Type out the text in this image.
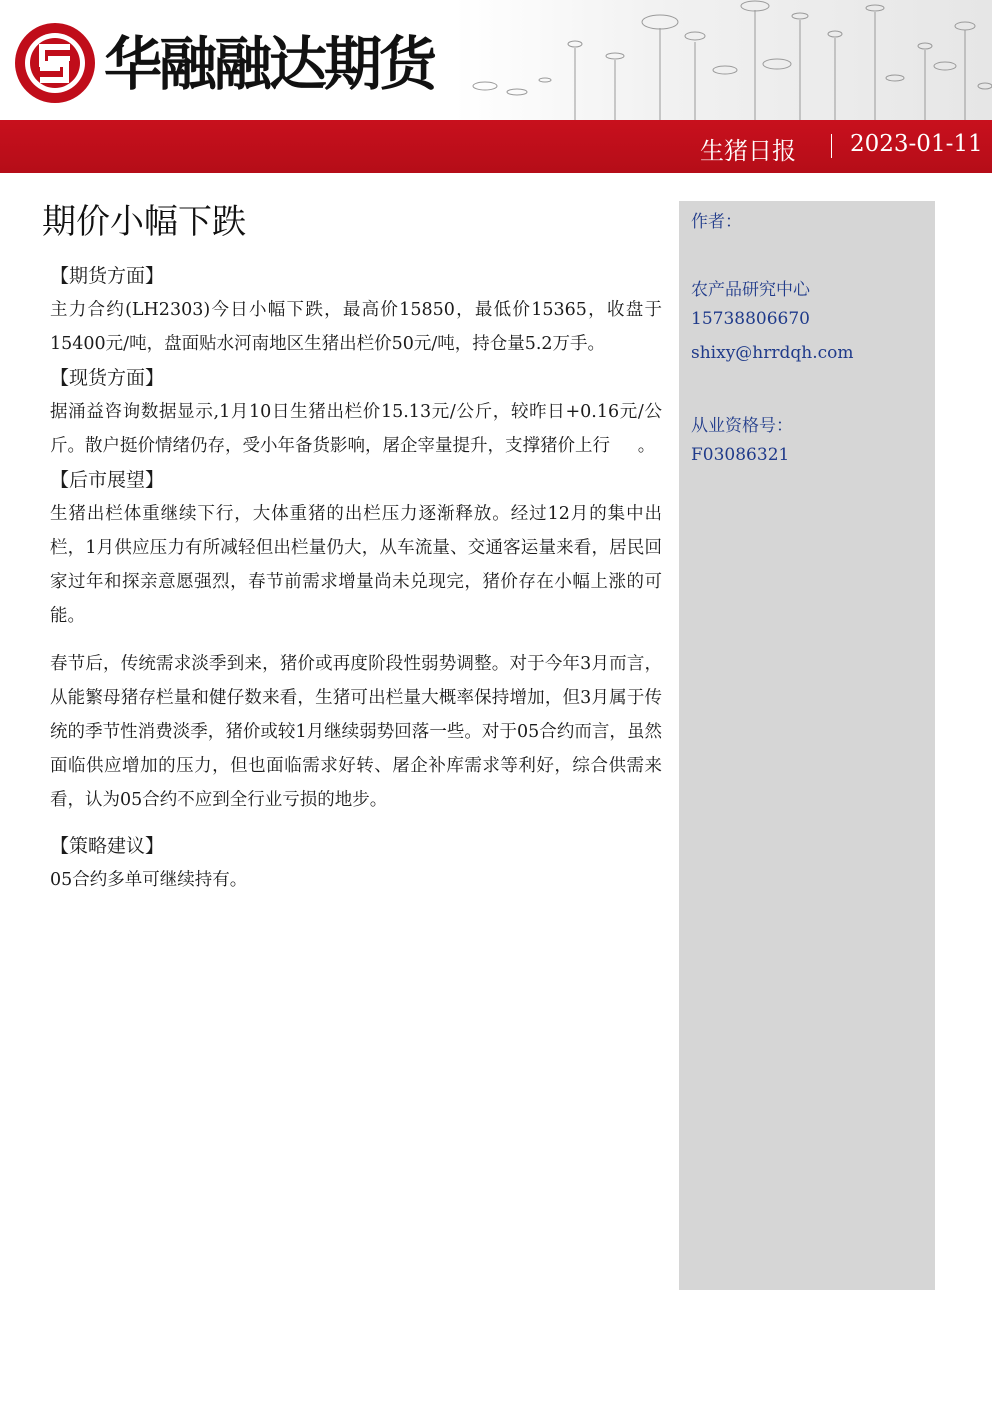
华融融达期货
生猪日报 2023-01-11
期价小幅下跌
【期货方面】

主力合约(LH2303)今日小幅下跌，最高价15850，最低价15365，收盘于15400元/吨，盘面贴水河南地区生猪出栏价50元/吨，持仓量5.2万手。

【现货方面】

据涌益咨询数据显示,1月10日生猪出栏价15.13元/公斤，较昨日+0.16元/公斤。散户挺价情绪仍存，受小年备货影响，屠企宰量提升，支撑猪价上行     。

【后市展望】

生猪出栏体重继续下行，大体重猪的出栏压力逐渐释放。经过12月的集中出栏，1月供应压力有所减轻但出栏量仍大，从车流量、交通客运量来看，居民回家过年和探亲意愿强烈，春节前需求增量尚未兑现完，猪价存在小幅上涨的可能。

春节后，传统需求淡季到来，猪价或再度阶段性弱势调整。对于今年3月而言，从能繁母猪存栏量和健仔数来看，生猪可出栏量大概率保持增加，但3月属于传统的季节性消费淡季，猪价或较1月继续弱势回落一些。对于05合约而言，虽然面临供应增加的压力，但也面临需求好转、屠企补库需求等利好，综合供需来看，认为05合约不应到全行业亏损的地步。

【策略建议】

05合约多单可继续持有。

作者：
农产品研究中心
15738806670
shixy@hrrdqh.com
从业资格号：
F03086321
